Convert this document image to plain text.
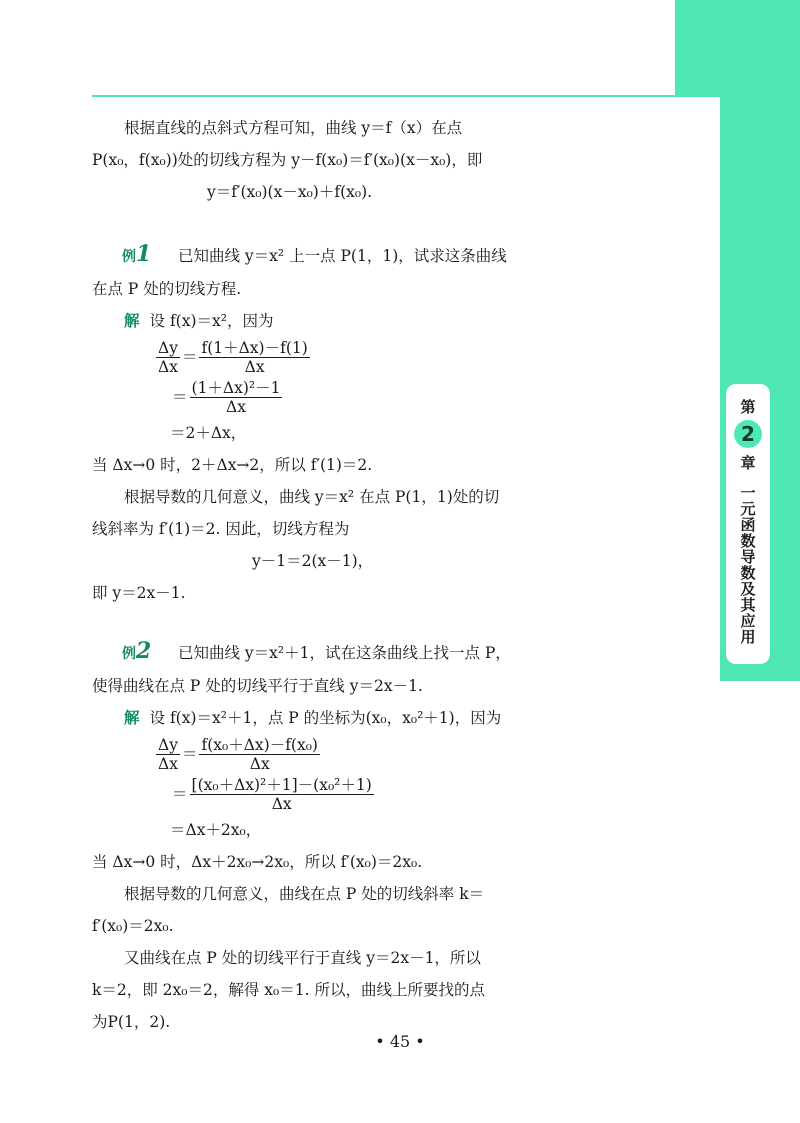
第
2
章
一元函数导数及其应用
根据直线的点斜式方程可知，曲线 y＝f（x）在点
P(x₀，f(x₀))处的切线方程为 y－f(x₀)＝f′(x₀)(x－x₀)，即
y＝f′(x₀)(x－x₀)＋f(x₀).
例1	已知曲线 y＝x² 上一点 P(1，1)，试求这条曲线
在点 P 处的切线方程.
解 设 f(x)＝x²，因为
$\frac{\Delta y}{\Delta x} = \frac{f(1+\Delta x)-f(1)}{\Delta x}$
＝ $\frac{\text{(1＋Δx)²－1}}{\Delta x}$
＝2＋Δx，
当 Δx→0 时，2＋Δx→2，所以 f′(1)＝2.
根据导数的几何意义，曲线 y＝x² 在点 P(1，1)处的切
线斜率为 f′(1)＝2. 因此，切线方程为
y－1＝2(x－1)，
即 y＝2x－1.
例2	已知曲线 y＝x²＋1，试在这条曲线上找一点 P，
使得曲线在点 P 处的切线平行于直线 y＝2x－1.
解 设 f(x)＝x²＋1，点 P 的坐标为(x₀，x₀²＋1)，因为
$\frac{\Delta y}{\Delta x} = \frac{\text{f(x₀＋Δx)－f(x₀)}}{\Delta x}$
＝ $\frac{\text{[(x₀＋Δx)²＋1]－(x₀²＋1)}}{\Delta x}$
＝Δx＋2x₀，
当 Δx→0 时，Δx＋2x₀→2x₀，所以 f′(x₀)＝2x₀.
根据导数的几何意义，曲线在点 P 处的切线斜率 k＝
f′(x₀)＝2x₀.
又曲线在点 P 处的切线平行于直线 y＝2x－1，所以
k＝2，即 2x₀＝2，解得 x₀＝1. 所以，曲线上所要找的点
为P(1，2).
• 45 •
